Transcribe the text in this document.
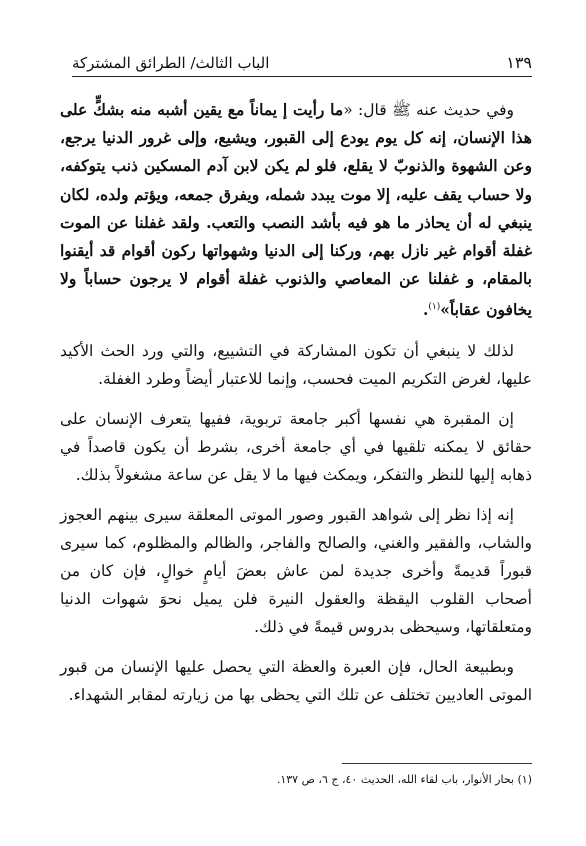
الباب الثالث/ الطرائق المشتركة	١٣٩

وفي حديث عنه ﷺ قال: «ما رأيت إ يماناً مع يقين أشبه منه بشكٍّ على هذا الإنسان، إنه كل يوم يودع إلى القبور، ويشيع، وإلى غرور الدنيا يرجع، وعن الشهوة والذنوبّ لا يقلع، فلو لم يكن لابن آدم المسكين ذنب يتوكفه، ولا حساب يقف عليه، إلا موت يبدد شمله، ويفرق جمعه، ويؤتم ولده، لكان ينبغي له أن يحاذر ما هو فيه بأشد النصب والتعب. ولقد غفلنا عن الموت غفلة أقوام غير نازل بهم، وركنا إلى الدنيا وشهواتها ركون أقوام قد أيقنوا بالمقام، و غفلنا عن المعاصي والذنوب غفلة أقوام لا يرجون حساباً ولا يخافون عقاباً»$^{(١)}$.

لذلك لا ينبغي أن تكون المشاركة في التشييع، والتي ورد الحث الأكيد عليها، لغرض التكريم الميت فحسب، وإنما للاعتبار أيضاً وطرد الغفلة.

إن المقبرة هي نفسها أكبر جامعة تربوية، ففيها يتعرف الإنسان على حقائق لا يمكنه تلقيها في أي جامعة أخرى، بشرط أن يكون قاصداً في ذهابه إليها للنظر والتفكر، ويمكث فيها ما لا يقل عن ساعة مشغولاً بذلك.

إنه إذا نظر إلى شواهد القبور وصور الموتى المعلقة سيرى بينهم العجوز والشاب، والفقير والغني، والصالح والفاجر، والظالم والمظلوم، كما سيرى قبوراً قديمةً وأخرى جديدة لمن عاش بعضَ أيامٍ خوالٍ، فإن كان من أصحاب القلوب اليقظة والعقول النيرة فلن يميل نحوَ شهوات الدنيا ومتعلقاتها، وسيحظى بدروس قيمةً في ذلك.

وبطبيعة الحال، فإن العبرة والعظة التي يحصل عليها الإنسان من قبور الموتى العاديين تختلف عن تلك التي يحظى بها من زيارته لمقابر الشهداء.

(١) بحار الأنوار، باب لقاء الله، الحديث ٤٠، ج ٦، ص ١٣٧.
